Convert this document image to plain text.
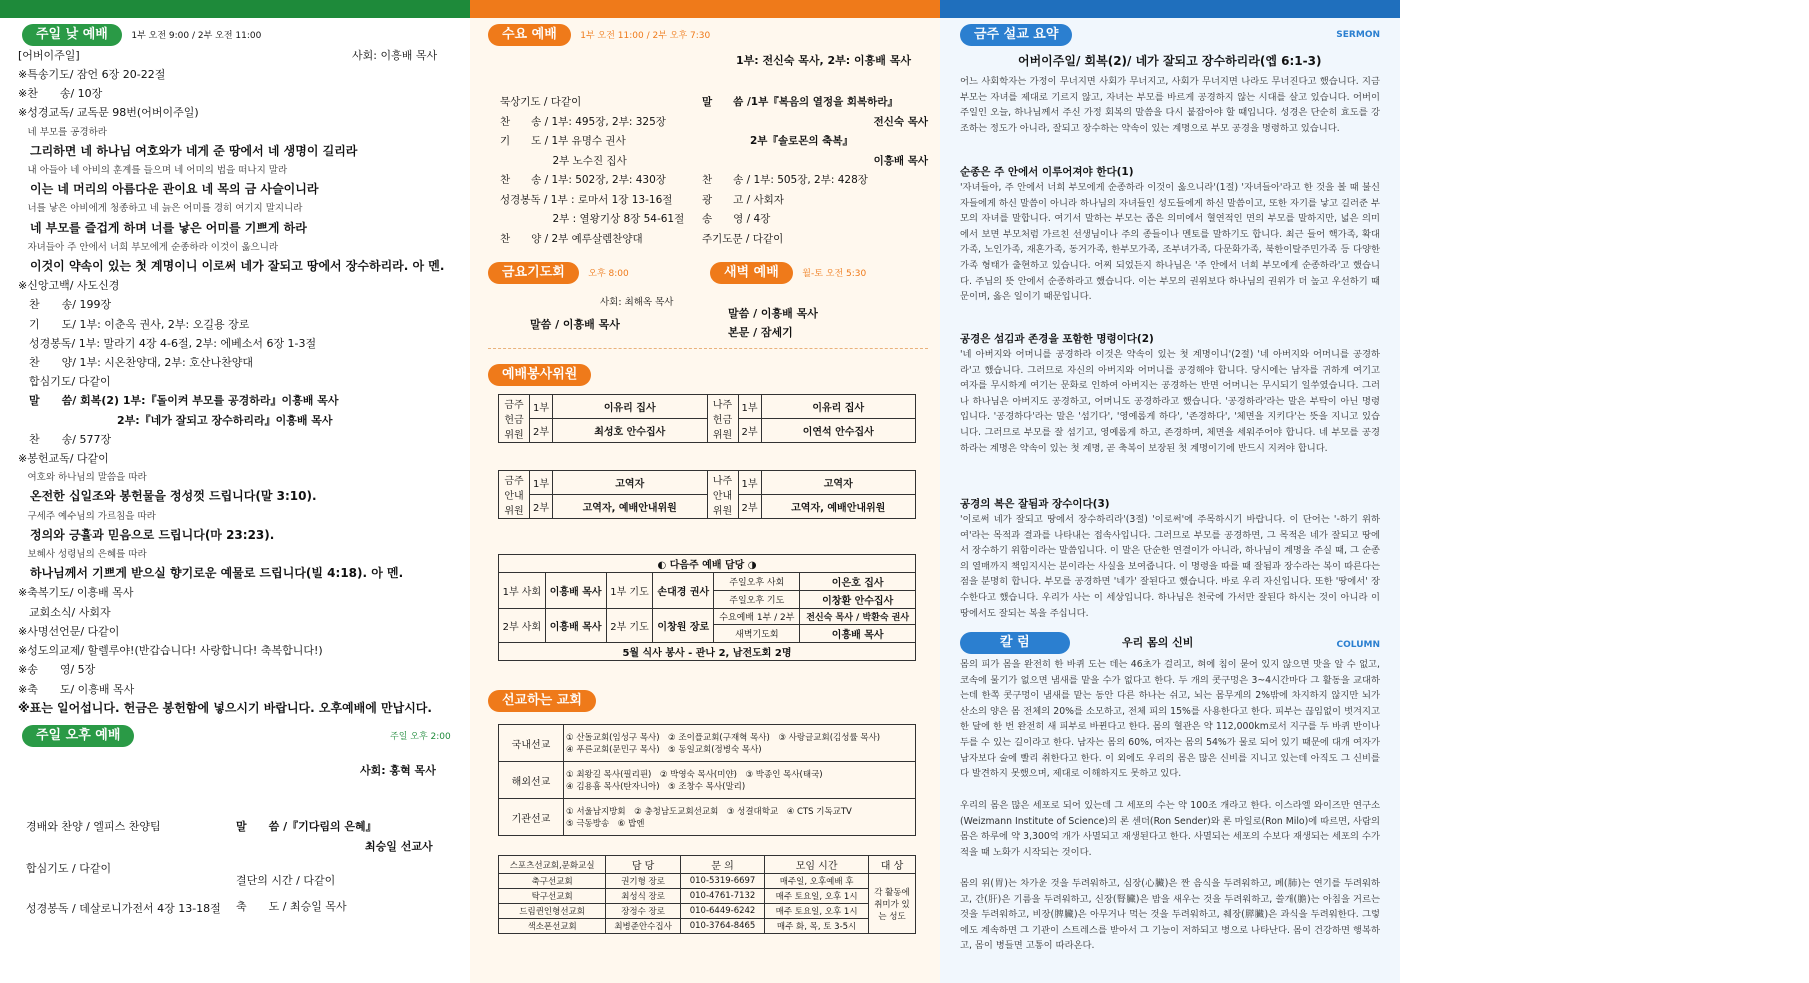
주일 낮 예배	1부 오전 9:00 / 2부 오전 11:00
[어버이주일]	사회: 이흥배 목사
※특송기도/ 잠언 6장 20-22절
※찬　　송/ 10장
※성경교독/ 교독문 98번(어버이주일)
　네 부모를 공경하라
　그리하면 네 하나님 여호와가 네게 준 땅에서 네 생명이 길리라
　내 아들아 네 아비의 훈계를 들으며 네 어미의 법을 떠나지 말라
　이는 네 머리의 아름다운 관이요 네 목의 금 사슬이니라
　너를 낳은 아비에게 청종하고 네 늙은 어미를 경히 여기지 말지니라
　네 부모를 즐겁게 하며 너를 낳은 어미를 기쁘게 하라
　자녀들아 주 안에서 너희 부모에게 순종하라 이것이 옳으니라
　이것이 약속이 있는 첫 계명이니 이로써 네가 잘되고 땅에서 장수하리라. 아 멘.
※신앙고백/ 사도신경
　찬　　송/ 199장
　기　　도/ 1부: 이춘옥 권사, 2부: 오길용 장로
　성경봉독/ 1부: 말라기 4장 4-6절, 2부: 에베소서 6장 1-3절
　찬　　양/ 1부: 시온찬양대, 2부: 호산나찬양대
　합심기도/ 다같이
　말　　씀/ 회복(2) 1부:『돌이켜 부모를 공경하라』이흥배 목사
　　　　　　　　　2부:『네가 잘되고 장수하리라』이흥배 목사
　찬　　송/ 577장
※봉헌교독/ 다같이
　여호와 하나님의 말씀을 따라
　온전한 십일조와 봉헌물을 정성껏 드립니다(말 3:10).
　구세주 예수님의 가르침을 따라
　정의와 긍휼과 믿음으로 드립니다(마 23:23).
　보혜사 성령님의 은혜를 따라
　하나님께서 기쁘게 받으실 향기로운 예물로 드립니다(빌 4:18). 아 멘.
※축복기도/ 이흥배 목사
　교회소식/ 사회자
※사명선언문/ 다같이
※성도의교제/ 할렐루야!(반갑습니다! 사랑합니다! 축복합니다!)
※송　　영/ 5장
※축　　도/ 이흥배 목사
※표는 일어섭니다. 헌금은 봉헌함에 넣으시기 바랍니다. 오후예배에 만납시다.
주일 오후 예배	주일 오후 2:00
사회: 홍혁 목사
경배와 찬양 / 엘피스 찬양팀
합심기도 / 다같이
성경봉독 / 데살로니가전서 4장 13-18절
말　　씀 /『기다림의 은혜』
최승일 선교사
결단의 시간 / 다같이
축　　도 / 최승일 목사
수요 예배	1부 오전 11:00 / 2부 오후 7:30
1부: 전신숙 목사, 2부: 이흥배 목사
묵상기도 / 다같이
찬　　송 / 1부: 495장, 2부: 325장
기　　도 / 1부 유명수 권사
　　　　　2부 노수진 집사
찬　　송 / 1부: 502장, 2부: 430장
성경봉독 / 1부 : 로마서 1장 13-16절
　　　　　2부 : 열왕기상 8장 54-61절
찬　　양 / 2부 예루살렘찬양대
말　　씀 /1부『복음의 열정을 회복하라』
전신숙 목사
2부『솔로몬의 축복』
이흥배 목사
찬　　송 / 1부: 505장, 2부: 428장
광　　고 / 사회자
송　　영 / 4장
주기도문 / 다같이
금요기도회	오후 8:00
사회: 최해옥 목사
말씀 / 이흥배 목사
새벽 예배	월-토 오전 5:30
말씀 / 이흥배 목사
본문 / 잠세기
예배봉사위원
금주 헌금 위원	1부	이유리 집사	나주 헌금 위원	1부	이유리 집사
	2부	최성호 안수집사		2부	이연석 안수집사
금주 안내 위원	1부	고역자	나주 안내 위원	1부	고역자
	2부	고역자, 예배안내위원		2부	고역자, 예배안내위원
◐ 다음주 예배 담당 ◑					
1부 사회	이흥배 목사	1부 기도	손대경 권사	주일오후 사회	이은호 집사
				주일오후 기도	이창환 안수집사
2부 사회	이흥배 목사	2부 기도	이창원 장로	수요예배 1부 / 2부	전신숙 목사 / 박환숙 권사
				새벽기도회	이흥배 목사
5월 식사 봉사 - 관나 2, 남전도회 2명					
선교하는 교회
국내선교	① 산돌교회(임성구 목사)　② 조이플교회(구재혁 목사)　③ 사랑글교회(김성률 목사)
④ 푸른교회(문민구 목사)　⑤ 동일교회(정병숙 목사)
해외선교	① 최왕길 목사(필리핀)　② 박영숙 목사(미얀)　③ 박종인 목사(태국)
④ 김용흠 목사(탄자니아)　⑤ 조창수 목사(말리)
기관선교	① 서울남지방회　② 충청남도교회선교회　③ 성결대학교　④ CTS 기독교TV
⑤ 극동방송　⑥ 밥엔
스포츠선교회,문화교실	담 당	문 의	모임 시간	대 상
축구선교회	권기형 장로	010-5319-6697	매주일, 오후예배 후	각 활동에 취미가 있는 성도
탁구선교회	최성식 장로	010-4761-7132	매주 토요일, 오후 1시	
드림퀸인형선교회	장정수 장로	010-6449-6242	매주 토요일, 오후 1시	
색소폰선교회	최병준안수집사	010-3764-8465	매주 화, 목, 토 3-5시	
금주 설교 요약	SERMON
어버이주일/ 회복(2)/ 네가 잘되고 장수하리라(엡 6:1-3)
어느 사회학자는 가정이 무너지면 사회가 무너지고, 사회가 무너지면 나라도 무너진다고 했습니다. 지금 부모는 자녀를 제대로 기르지 않고, 자녀는 부모를 바르게 공경하지 않는 시대를 살고 있습니다. 어버이 주일인 오늘, 하나님께서 주신 가정 회복의 말씀을 다시 붙잡아야 할 때입니다. 성경은 단순히 효도를 강조하는 정도가 아니라, 잘되고 장수하는 약속이 있는 계명으로 부모 공경을 명령하고 있습니다.
순종은 주 안에서 이루어져야 한다(1)
'자녀들아, 주 안에서 너희 부모에게 순종하라 이것이 옳으니라'(1절) '자녀들아'라고 한 것을 볼 때 불신자들에게 하신 말씀이 아니라 하나님의 자녀들인 성도들에게 하신 말씀이고, 또한 자기를 낳고 길러준 부모의 자녀를 말합니다. 여기서 말하는 부모는 좁은 의미에서 혈연적인 면의 부모를 말하지만, 넓은 의미에서 보면 부모처럼 가르친 선생님이나 주의 종들이나 멘토를 말하기도 합니다. 최근 들어 핵가족, 확대가족, 노인가족, 재혼가족, 동거가족, 한부모가족, 조부녀가족, 다문화가족, 북한이탈주민가족 등 다양한 가족 형태가 출현하고 있습니다. 어찌 되었든지 하나님은 '주 안에서 너희 부모에게 순종하라'고 했습니다. 주님의 뜻 안에서 순종하라고 했습니다. 이는 부모의 권위보다 하나님의 권위가 더 높고 우선하기 때문이며, 옳은 일이기 때문입니다.
공경은 섬김과 존경을 포함한 명령이다(2)
'네 아버지와 어머니를 공경하라 이것은 약속이 있는 첫 계명이니'(2절) '네 아버지와 어머니를 공경하라'고 했습니다. 그러므로 자신의 아버지와 어머니를 공경해야 합니다. 당시에는 남자를 귀하게 여기고 여자를 무시하게 여기는 문화로 인하여 아버지는 공경하는 반면 어머니는 무시되기 일쑤였습니다. 그러나 하나님은 아버지도 공경하고, 어머니도 공경하라고 했습니다. '공경하라'라는 말은 부탁이 아닌 명령입니다. '공경하다'라는 말은 '섬기다', '영예롭게 하다', '존경하다', '체면을 지키다'는 뜻을 지니고 있습니다. 그러므로 부모를 잘 섬기고, 영예롭게 하고, 존경하며, 체면을 세워주어야 합니다. 네 부모를 공경하라는 계명은 약속이 있는 첫 계명, 곧 축복이 보장된 첫 계명이기에 반드시 지켜야 합니다.
공경의 복은 잘됨과 장수이다(3)
'이로써 네가 잘되고 땅에서 장수하리라'(3절) '이로써'에 주목하시기 바랍니다. 이 단어는 '-하기 위하여'라는 목적과 결과를 나타내는 접속사입니다. 그러므로 부모를 공경하면, 그 목적은 네가 잘되고 땅에서 장수하기 위함이라는 말씀입니다. 이 말은 단순한 연결이가 아니라, 하나님이 계명을 주실 때, 그 순종의 열매까지 책임지시는 분이라는 사실을 보여줍니다. 이 명령을 따를 때 잘됨과 장수라는 복이 따른다는 점을 분명히 합니다. 부모를 공경하면 '네가' 잘된다고 했습니다. 바로 우리 자신입니다. 또한 '땅에서' 장수한다고 했습니다. 우리가 사는 이 세상입니다. 하나님은 천국에 가서만 잘된다 하시는 것이 아니라 이 땅에서도 잘되는 복을 주십니다.
칼 럼	우리 몸의 신비	COLUMN
몸의 피가 몸을 완전히 한 바퀴 도는 데는 46초가 걸리고, 혀에 침이 묻어 있지 않으면 맛을 알 수 없고, 코속에 물기가 없으면 냄새를 맡을 수가 없다고 한다. 두 개의 콧구멍은 3~4시간마다 그 활동을 교대하는데 한쪽 콧구멍이 냄새를 맡는 동안 다른 하나는 쉬고, 뇌는 몸무게의 2%밖에 차지하지 않지만 뇌가 산소의 양은 몸 전체의 20%를 소모하고, 전체 피의 15%를 사용한다고 한다. 피부는 끊임없이 벗겨지고 한 달에 한 번 완전히 새 피부로 바뀐다고 한다. 몸의 혈관은 약 112,000km로서 지구를 두 바퀴 반이나 두를 수 있는 길이라고 한다. 남자는 몸의 60%, 여자는 몸의 54%가 물로 되어 있기 때문에 대개 여자가 남자보다 술에 빨리 취한다고 한다. 이 외에도 우리의 몸은 많은 신비를 지니고 있는데 아직도 그 신비를 다 발견하지 못했으며, 제대로 이해하지도 못하고 있다.
우리의 몸은 많은 세포로 되어 있는데 그 세포의 수는 약 100조 개라고 한다. 이스라엘 와이즈만 연구소(Weizmann Institute of Science)의 론 센더(Ron Sender)와 론 마일로(Ron Milo)에 따르면, 사람의 몸은 하루에 약 3,300억 개가 사멸되고 재생된다고 한다. 사멸되는 세포의 수보다 재생되는 세포의 수가 적을 때 노화가 시작되는 것이다.
몸의 위(胃)는 차가운 것을 두려워하고, 심장(心臟)은 짠 음식을 두려워하고, 폐(肺)는 연기를 두려워하고, 간(肝)은 기름을 두려워하고, 신장(腎臟)은 밤을 새우는 것을 두려워하고, 쓸개(膽)는 아침을 거르는 것을 두려워하고, 비장(脾臟)은 아무거나 먹는 것을 두려워하고, 췌장(膵臟)은 과식을 두려워한다. 그렇에도 계속하면 그 기관이 스트레스를 받아서 그 기능이 저하되고 병으로 나타난다. 몸이 건강하면 행복하고, 몸이 병들면 고통이 따라온다.
